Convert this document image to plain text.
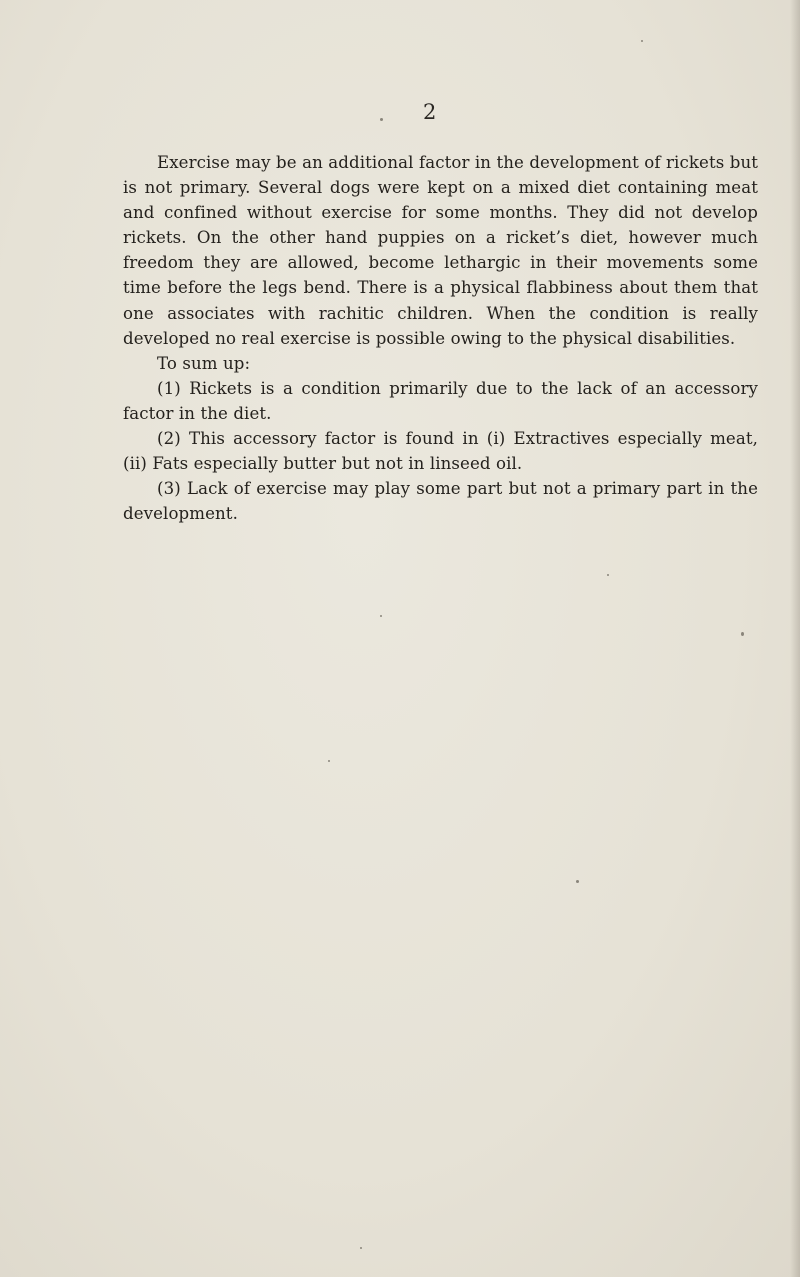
2

Exercise may be an additional factor in the development of rickets but is not primary. Several dogs were kept on a mixed diet containing meat and confined without exercise for some months. They did not develop rickets. On the other hand puppies on a ricket’s diet, however much freedom they are allowed, become lethargic in their movements some time before the legs bend. There is a physical flabbiness about them that one associates with rachitic children. When the condition is really developed no real exercise is possible owing to the physical disabilities.

To sum up:

(1) Rickets is a condition primarily due to the lack of an accessory factor in the diet.

(2) This accessory factor is found in (i) Extractives especially meat, (ii) Fats especially butter but not in linseed oil.

(3) Lack of exercise may play some part but not a primary part in the development.
